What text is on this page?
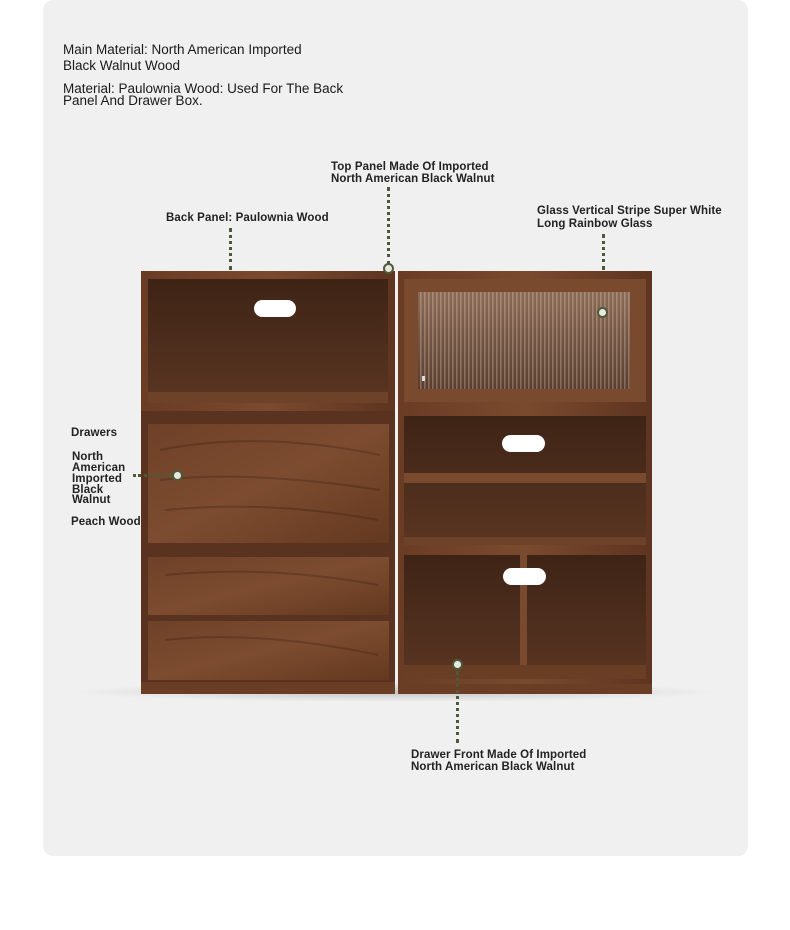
Main Material: North American Imported

Black Walnut Wood

Material: Paulownia Wood: Used For The Back

Panel And Drawer Box.

Top Panel Made Of Imported

North American Black Walnut

Back Panel: Paulownia Wood

Glass Vertical Stripe Super White

Long Rainbow Glass

Drawers

North

American

Imported

Black

Walnut

Peach Wood

Drawer Front Made Of Imported

North American Black Walnut
